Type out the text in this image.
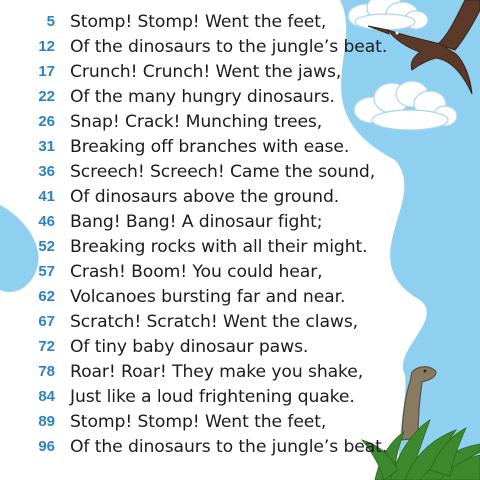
5 Stomp! Stomp! Went the feet,
12 Of the dinosaurs to the jungle’s beat.
17 Crunch! Crunch! Went the jaws,
22 Of the many hungry dinosaurs.
26 Snap! Crack! Munching trees,
31 Breaking off branches with ease.
36 Screech! Screech! Came the sound,
41 Of dinosaurs above the ground.
46 Bang! Bang! A dinosaur fight;
52 Breaking rocks with all their might.
57 Crash! Boom! You could hear,
62 Volcanoes bursting far and near.
67 Scratch! Scratch! Went the claws,
72 Of tiny baby dinosaur paws.
78 Roar! Roar! They make you shake,
84 Just like a loud frightening quake.
89 Stomp! Stomp! Went the feet,
96 Of the dinosaurs to the jungle’s beat.
